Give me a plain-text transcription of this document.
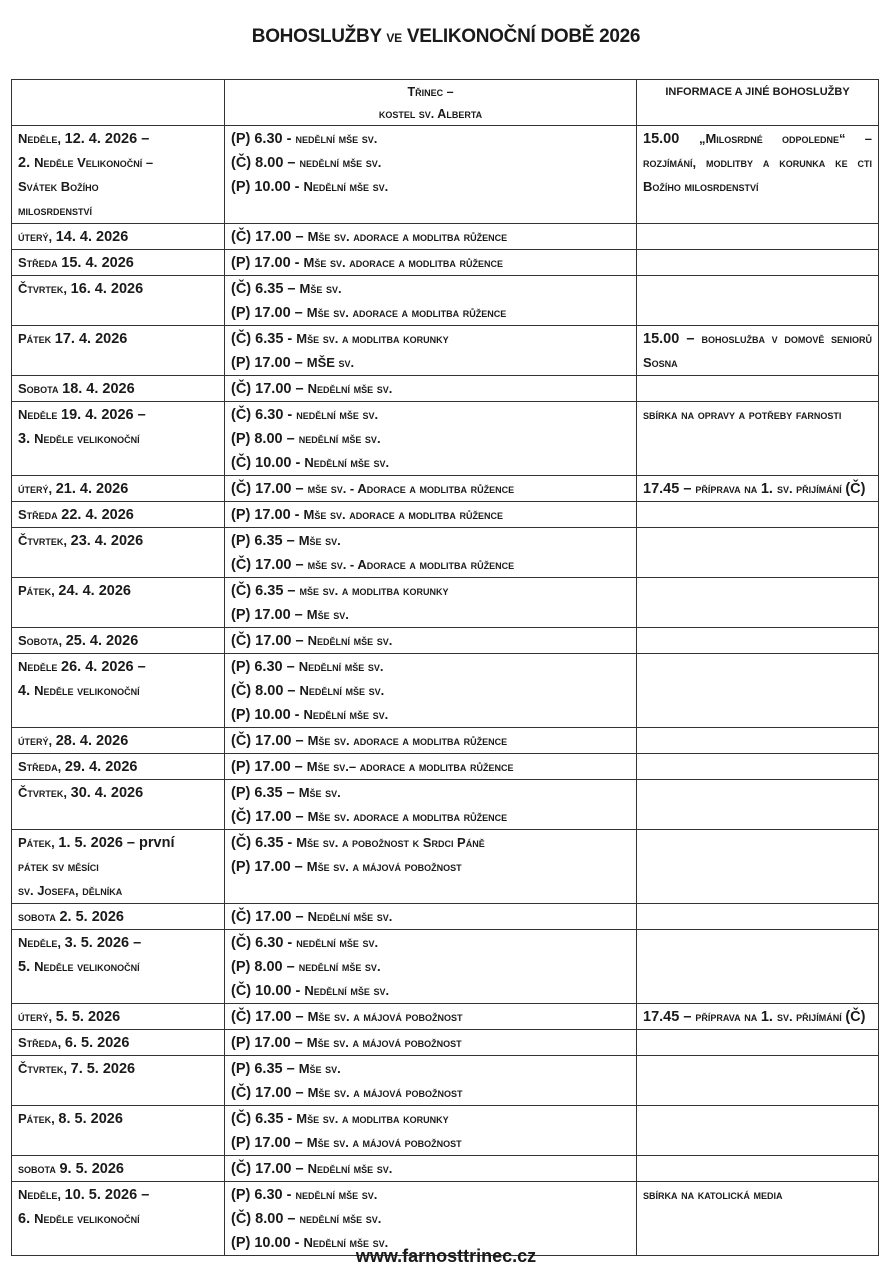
BOHOSLUŽBY VE VELIKONOČNÍ DOBĚ 2026

	Třinec –
kostel sv. Alberta	INFORMACE A JINÉ BOHOSLUŽBY

Neděle, 12. 4. 2026 –
2. Neděle Velikonoční –
Svátek Božího
milosrdenství	(P) 6.30 - nedělní mše sv.
(Č) 8.00 – nedělní mše sv.
(P) 10.00 - Nedělní mše sv.	15.00 „Milosrdné odpoledne“ – rozjímání, modlitby a korunka ke cti Božího milosrdenství

úterý, 14. 4. 2026	(Č) 17.00 – Mše sv. adorace a modlitba růžence	

Středa 15. 4. 2026	(P) 17.00 - Mše sv. adorace a modlitba růžence	

Čtvrtek, 16. 4. 2026	(Č) 6.35 – Mše sv.
(P) 17.00 – Mše sv. adorace a modlitba růžence	

Pátek 17. 4. 2026	(Č) 6.35 - Mše sv. a modlitba korunky
(P) 17.00 – MŠE sv.	15.00 – bohoslužba v domově seniorů Sosna

Sobota 18. 4. 2026	(Č) 17.00 – Nedělní mše sv.	

Neděle 19. 4. 2026 –
3. Neděle velikonoční	(Č) 6.30 - nedělní mše sv.
(P) 8.00 – nedělní mše sv.
(Č) 10.00 - Nedělní mše sv.	sbírka na opravy a potřeby farnosti

úterý, 21. 4. 2026	(Č) 17.00 – mše sv. - Adorace a modlitba růžence	17.45 – příprava na 1. sv. přijímání (Č)

Středa 22. 4. 2026	(P) 17.00 - Mše sv. adorace a modlitba růžence	

Čtvrtek, 23. 4. 2026	(P) 6.35 – Mše sv.
(Č) 17.00 – mše sv. - Adorace a modlitba růžence	

Pátek, 24. 4. 2026	(Č) 6.35 – mše sv. a modlitba korunky
(P) 17.00 – Mše sv.	

Sobota, 25. 4. 2026	(Č) 17.00 – Nedělní mše sv.	

Neděle 26. 4. 2026 –
4. Neděle velikonoční	(P) 6.30 – Nedělní mše sv.
(Č) 8.00 – Nedělní mše sv.
(P) 10.00 - Nedělní mše sv.	

úterý, 28. 4. 2026	(Č) 17.00 – Mše sv. adorace a modlitba růžence	

Středa, 29. 4. 2026	(P) 17.00 – Mše sv.– adorace a modlitba růžence	

Čtvrtek, 30. 4. 2026	(P) 6.35 – Mše sv.
(Č) 17.00 – Mše sv. adorace a modlitba růžence	

Pátek, 1. 5. 2026 – první
pátek sv měsíci
sv. Josefa, dělníka	(Č) 6.35 - Mše sv. a pobožnost k Srdci Páně
(P) 17.00 – Mše sv. a májová pobožnost	

sobota 2. 5. 2026	(Č) 17.00 – Nedělní mše sv.	

Neděle, 3. 5. 2026 –
5. Neděle velikonoční	(Č) 6.30 - nedělní mše sv.
(P) 8.00 – nedělní mše sv.
(Č) 10.00 - Nedělní mše sv.	

úterý, 5. 5. 2026	(Č) 17.00 – Mše sv. a májová pobožnost	17.45 – příprava na 1. sv. přijímání (Č)

Středa, 6. 5. 2026	(P) 17.00 – Mše sv. a májová pobožnost	

Čtvrtek, 7. 5. 2026	(P) 6.35 – Mše sv.
(Č) 17.00 – Mše sv. a májová pobožnost	

Pátek, 8. 5. 2026	(Č) 6.35 - Mše sv. a modlitba korunky
(P) 17.00 – Mše sv. a májová pobožnost	

sobota 9. 5. 2026	(Č) 17.00 – Nedělní mše sv.	

Neděle, 10. 5. 2026 –
6. Neděle velikonoční	(P) 6.30 - nedělní mše sv.
(Č) 8.00 – nedělní mše sv.
(P) 10.00 - Nedělní mše sv.	sbírka na katolická media
www.farnosttrinec.cz
